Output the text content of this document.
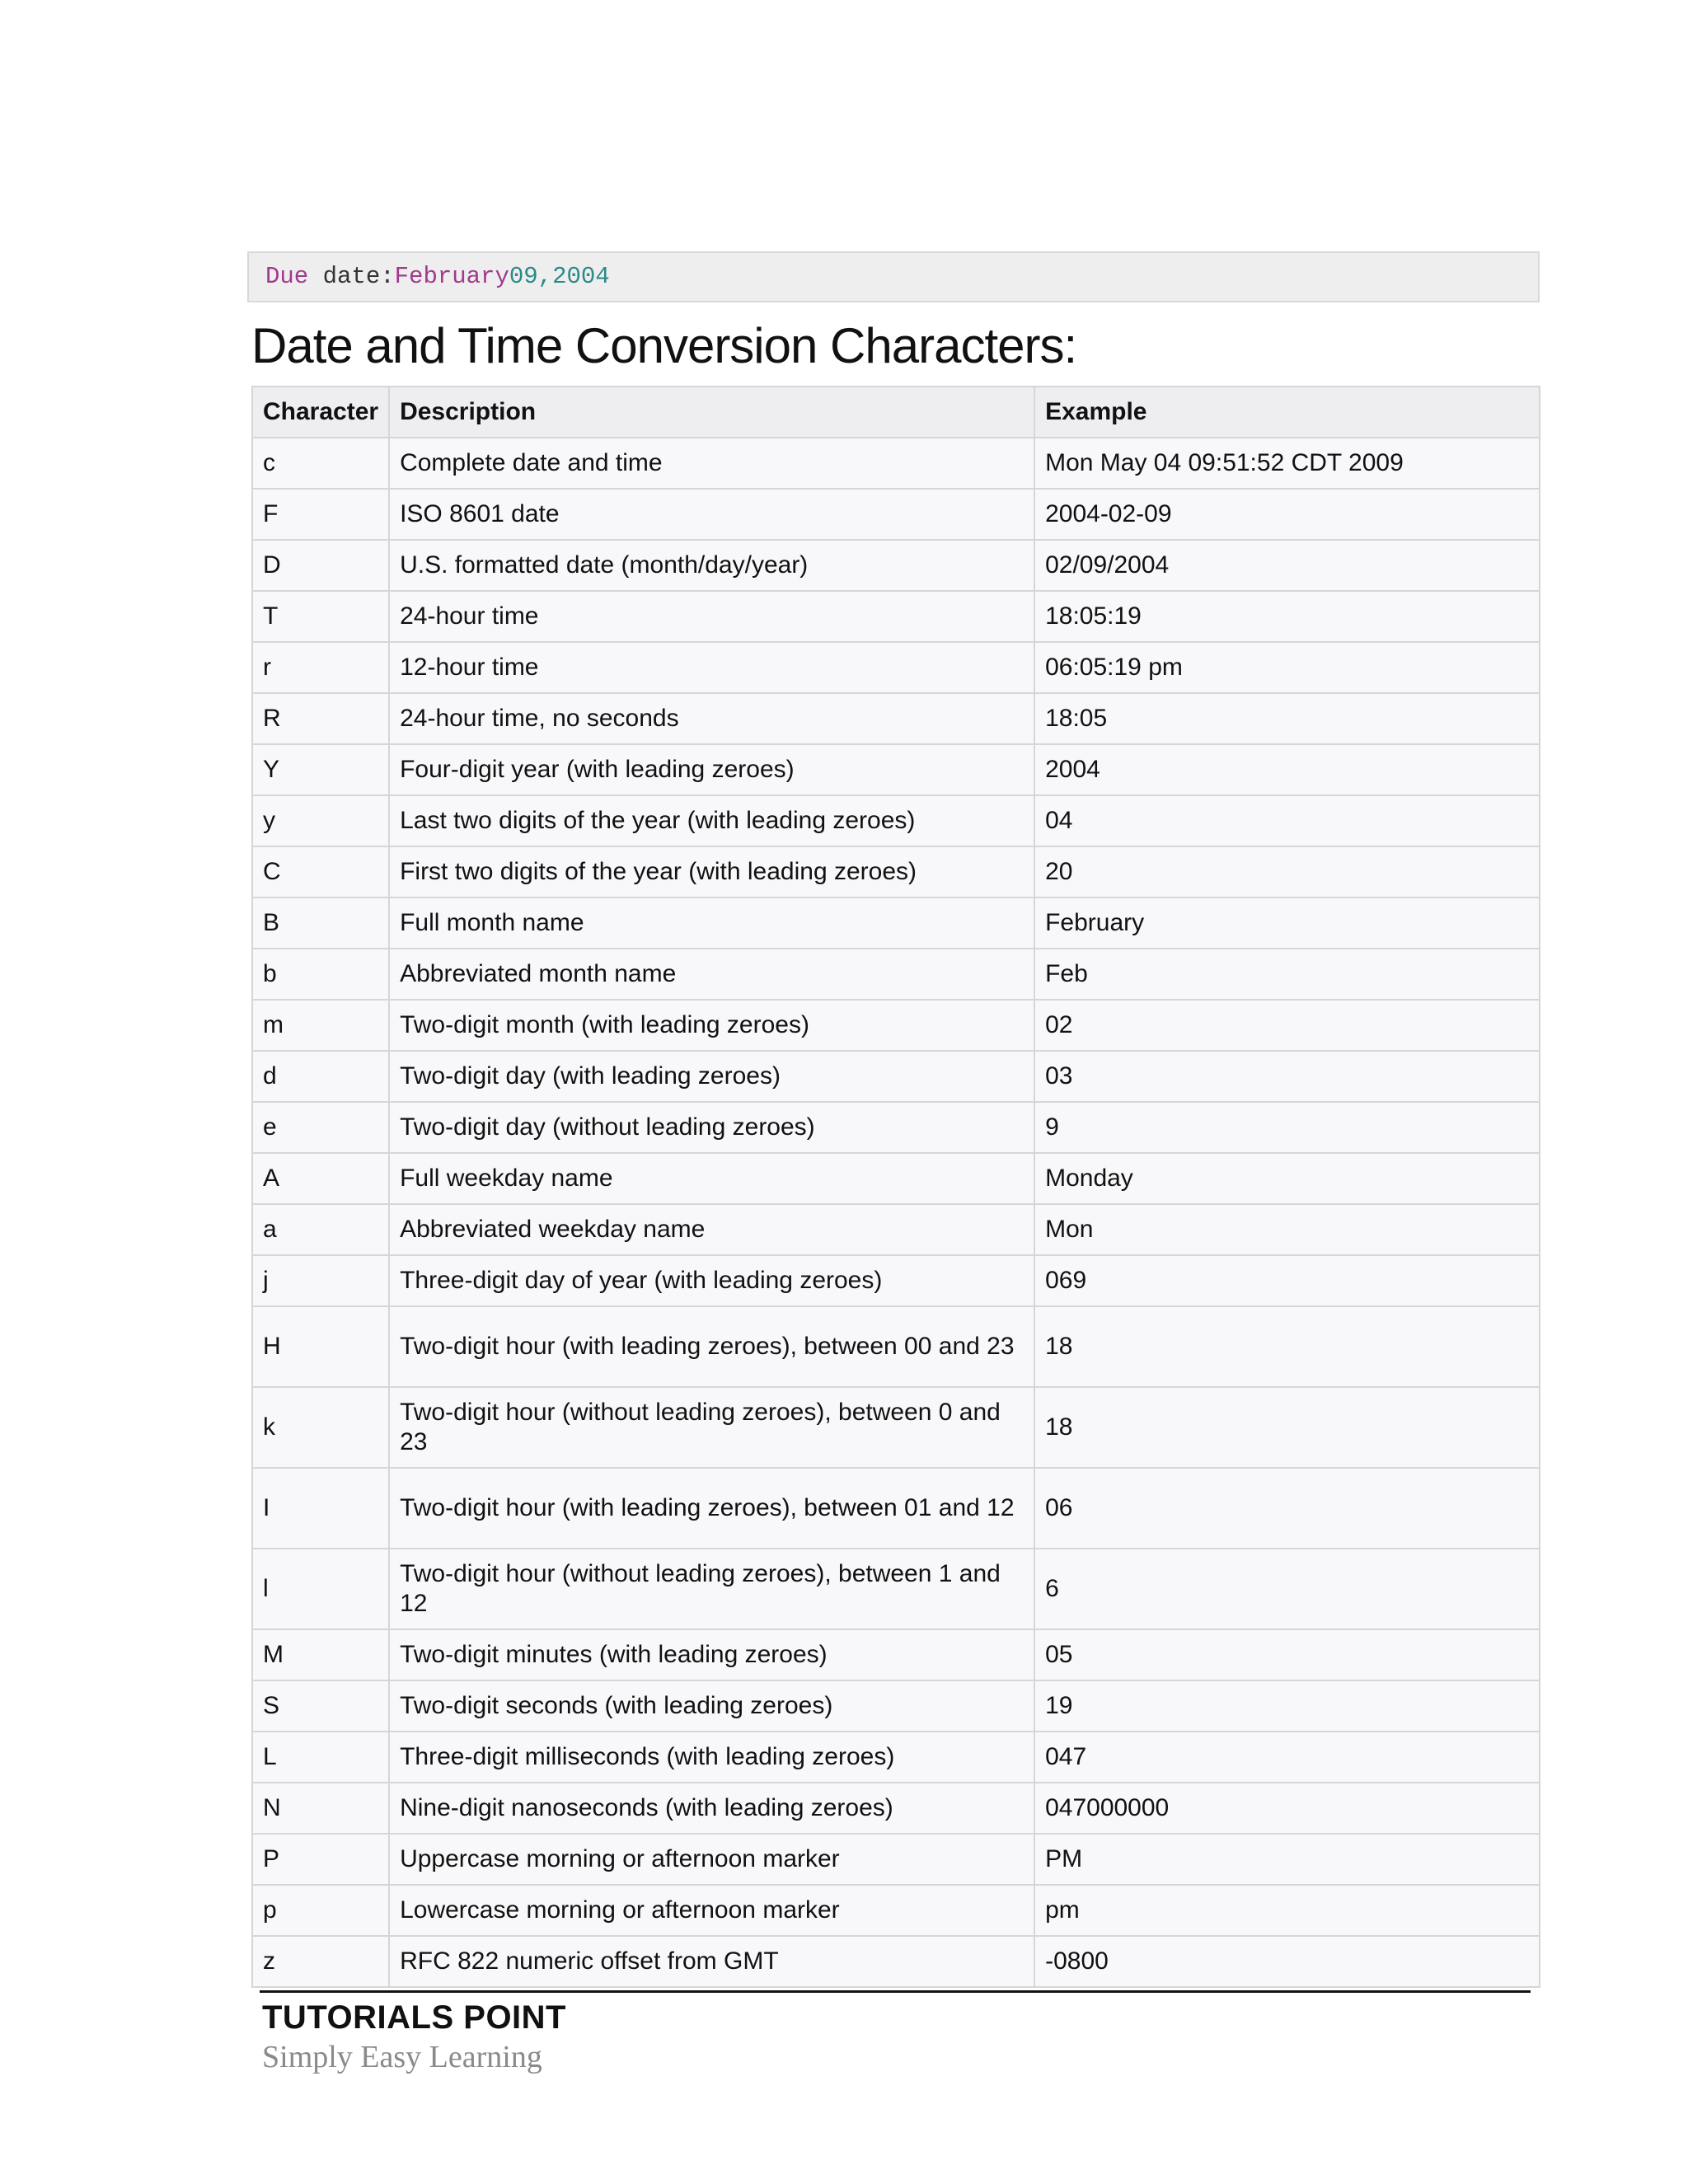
Due date:February09,2004
Date and Time Conversion Characters:
Character	Description	Example
c	Complete date and time	Mon May 04 09:51:52 CDT 2009
F	ISO 8601 date	2004-02-09
D	U.S. formatted date (month/day/year)	02/09/2004
T	24-hour time	18:05:19
r	12-hour time	06:05:19 pm
R	24-hour time, no seconds	18:05
Y	Four-digit year (with leading zeroes)	2004
y	Last two digits of the year (with leading zeroes)	04
C	First two digits of the year (with leading zeroes)	20
B	Full month name	February
b	Abbreviated month name	Feb
m	Two-digit month (with leading zeroes)	02
d	Two-digit day (with leading zeroes)	03
e	Two-digit day (without leading zeroes)	9
A	Full weekday name	Monday
a	Abbreviated weekday name	Mon
j	Three-digit day of year (with leading zeroes)	069
H	Two-digit hour (with leading zeroes), between 00 and 23	18
k	Two-digit hour (without leading zeroes), between 0 and 23	18
I	Two-digit hour (with leading zeroes), between 01 and 12	06
l	Two-digit hour (without leading zeroes), between 1 and 12	6
M	Two-digit minutes (with leading zeroes)	05
S	Two-digit seconds (with leading zeroes)	19
L	Three-digit milliseconds (with leading zeroes)	047
N	Nine-digit nanoseconds (with leading zeroes)	047000000
P	Uppercase morning or afternoon marker	PM
p	Lowercase morning or afternoon marker	pm
z	RFC 822 numeric offset from GMT	-0800
TUTORIALS POINT
Simply Easy Learning
